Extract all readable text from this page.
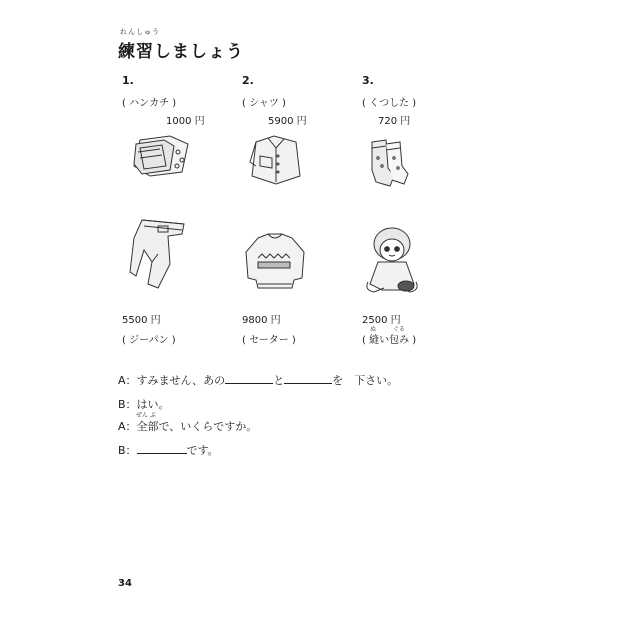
れんしゅう
練習しましょう
1.	2.	3.
( ハンカチ )	( シャツ )	( くつした )
1000 円	5900 円	720 円
5500 円	9800 円	2500 円
ぬ	ぐる
( ジーパン )	( セーター )	( 縫い包み )
A：すみません、あの	と	を　下さい。
B：はい。
ぜん ぶ
A：全部で、いくらですか。
B：	です。
34
